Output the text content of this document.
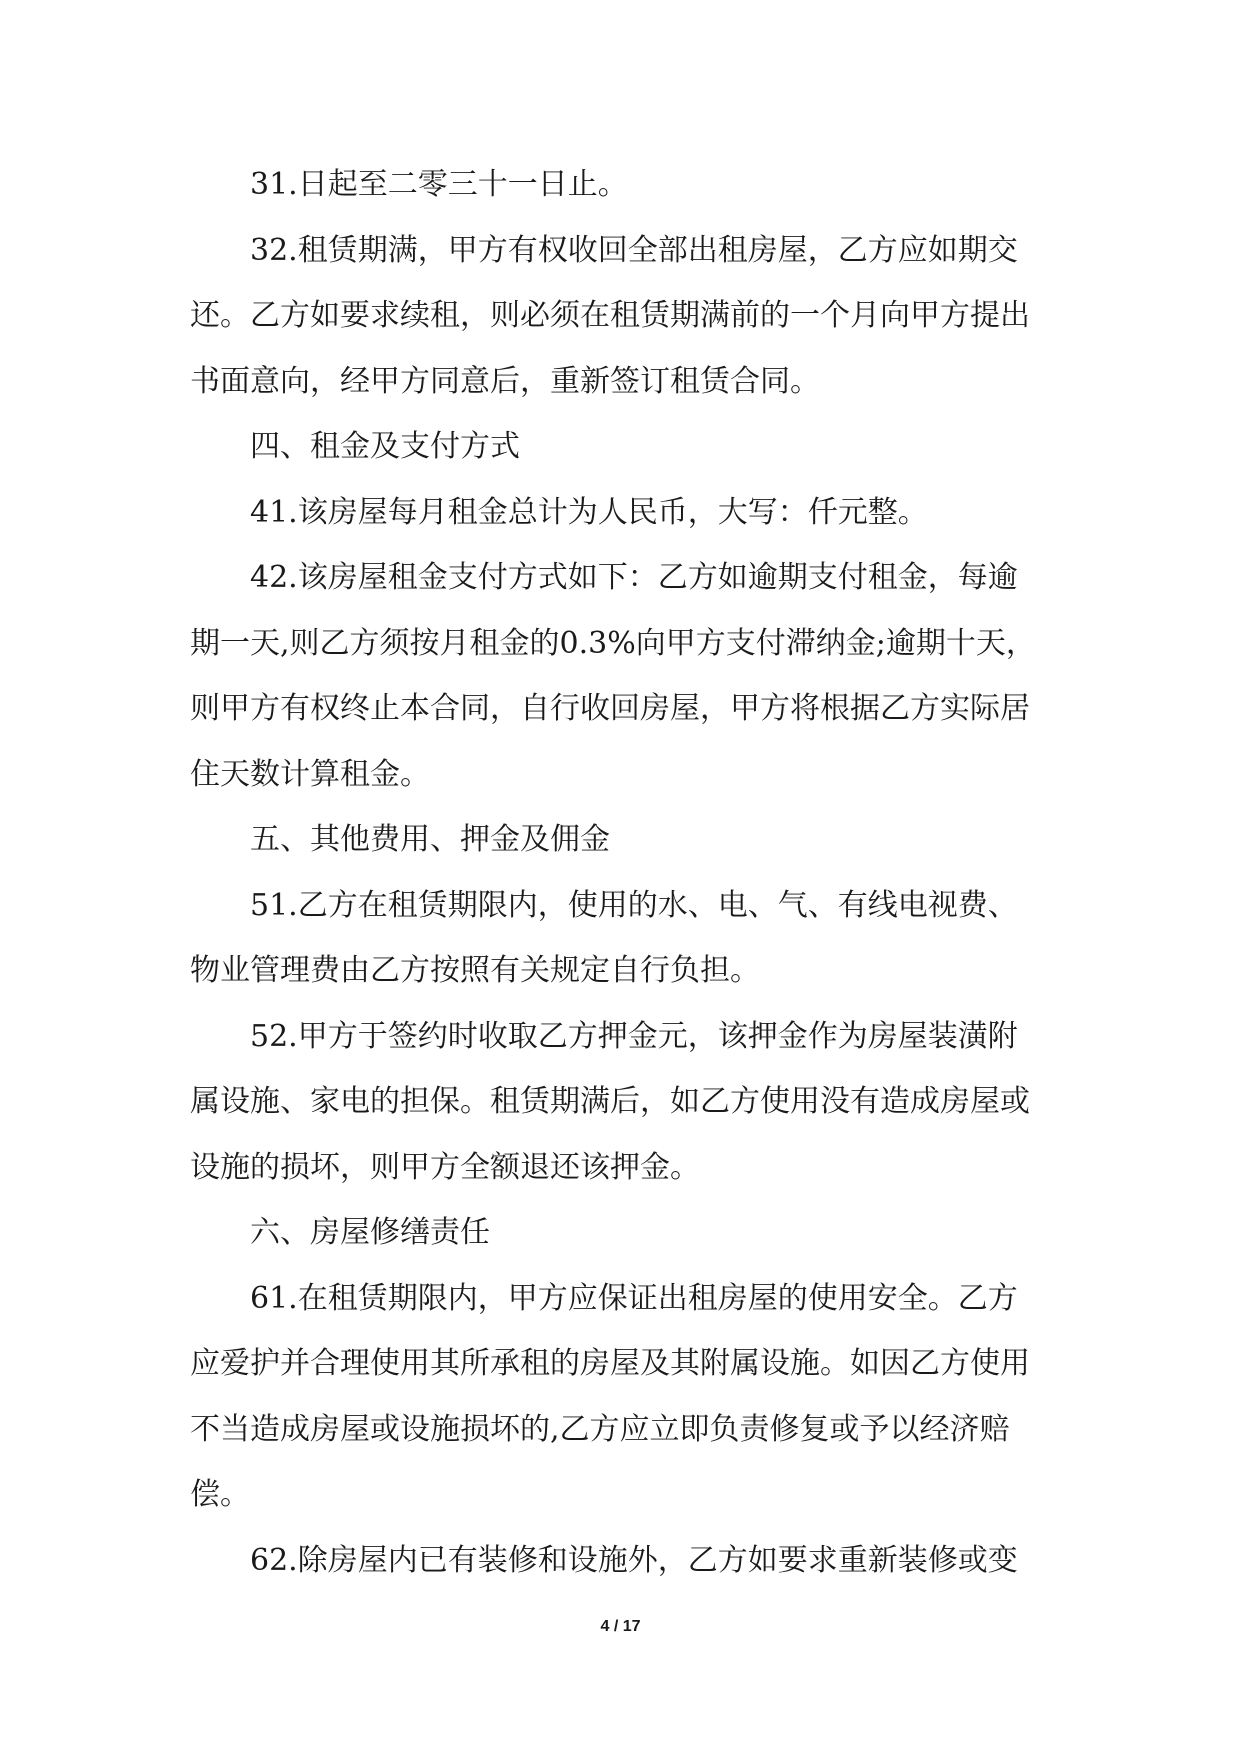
31.日起至二零三十一日止。
32.租赁期满，甲方有权收回全部出租房屋，乙方应如期交
还。乙方如要求续租，则必须在租赁期满前的一个月向甲方提出
书面意向，经甲方同意后，重新签订租赁合同。
四、租金及支付方式
41.该房屋每月租金总计为人民币，大写：仟元整。
42.该房屋租金支付方式如下：乙方如逾期支付租金，每逾
期一天,则乙方须按月租金的0.3%向甲方支付滞纳金;逾期十天，
则甲方有权终止本合同，自行收回房屋，甲方将根据乙方实际居
住天数计算租金。
五、其他费用、押金及佣金
51.乙方在租赁期限内，使用的水、电、气、有线电视费、
物业管理费由乙方按照有关规定自行负担。
52.甲方于签约时收取乙方押金元，该押金作为房屋装潢附
属设施、家电的担保。租赁期满后，如乙方使用没有造成房屋或
设施的损坏，则甲方全额退还该押金。
六、房屋修缮责任
61.在租赁期限内，甲方应保证出租房屋的使用安全。乙方
应爱护并合理使用其所承租的房屋及其附属设施。如因乙方使用
不当造成房屋或设施损坏的,乙方应立即负责修复或予以经济赔
偿。
62.除房屋内已有装修和设施外，乙方如要求重新装修或变
4 / 17
